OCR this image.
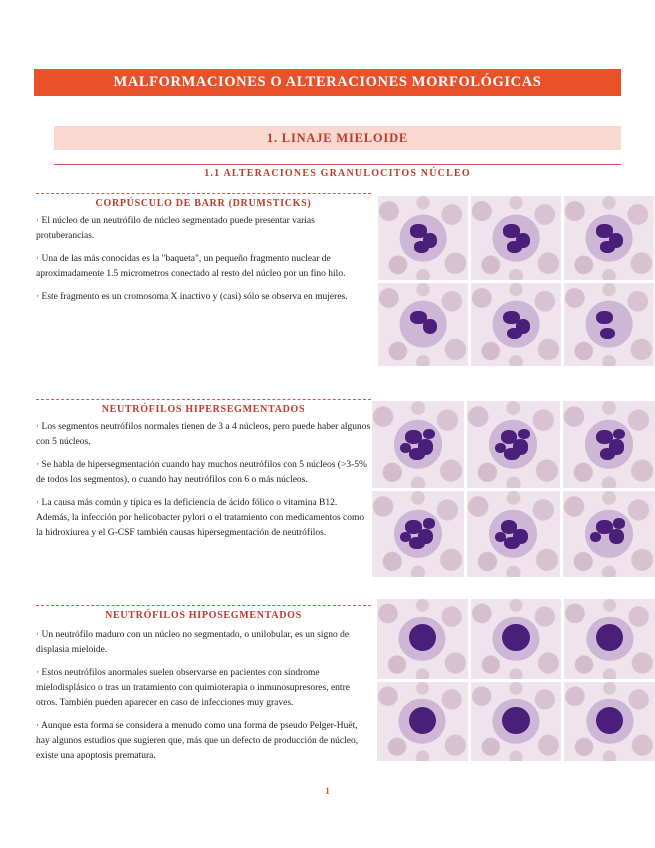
MALFORMACIONES O ALTERACIONES MORFOLÓGICAS
1. LINAJE MIELOIDE
1.1 ALTERACIONES GRANULOCITOS NÚCLEO
CORPÚSCULO DE BARR (DRUMSTICKS)

· El núcleo de un neutrófilo de núcleo segmentado puede presentar varias protuberancias.

· Una de las más conocidas es la "baqueta", un pequeño fragmento nuclear de aproximadamente 1.5 micrometros conectado al resto del núcleo por un fino hilo.

· Este fragmento es un cromosoma X inactivo y (casi) sólo se observa en mujeres.

NEUTRÓFILOS HIPERSEGMENTADOS

· Los segmentos neutrófilos normales tienen de 3 a 4 núcleos, pero puede haber algunos con 5 núcleos.

· Se habla de hipersegmentación cuando hay muchos neutrófilos con 5 núcleos (>3-5% de todos los segmentos), o cuando hay neutrófilos con 6 o más núcleos.

· La causa más común y típica es la deficiencia de ácido fólico o vitamina B12. Además, la infección por helicobacter pylori o el tratamiento con medicamentos como la hidroxiurea y el G-CSF también causas hipersegmentación de neutrófilos.

NEUTRÓFILOS HIPOSEGMENTADOS

· Un neutrófilo maduro con un núcleo no segmentado, o unilobular, es un signo de displasia mieloide.

· Estos neutrófilos anormales suelen observarse en pacientes con síndrome mielodisplásico o tras un tratamiento con quimioterapia o inmunosupresores, entre otros. También pueden aparecer en caso de infecciones muy graves.

· Aunque esta forma se considera a menudo como una forma de pseudo Pelger-Huët, hay algunos estudios que sugieren que, más que un defecto de producción de núcleo, existe una apoptosis prematura.

1
